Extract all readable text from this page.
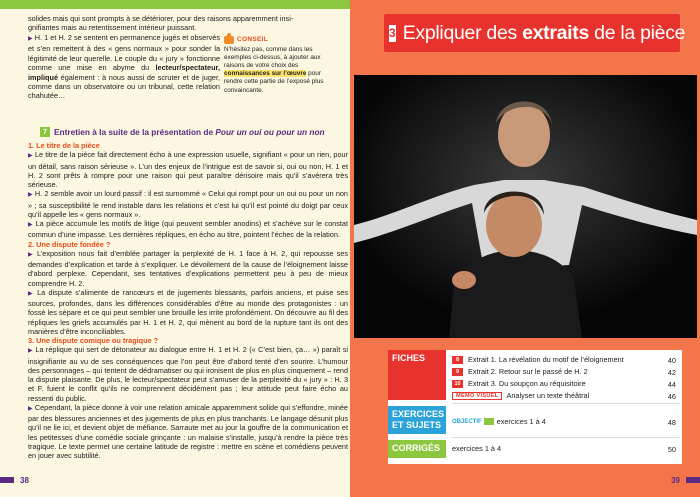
solides mais qui sont prompts à se détériorer, pour des raisons apparemment insi-

gnifiantes mais au retentissement intérieur puissant.

▶ H. 1 et H. 2 se sentent en permanence jugés et observés et s’en remettent à des « gens normaux » pour sonder la légitimité de leur querelle. Le couple du « jury » fonctionne comme une mise en abyme du lecteur/spectateur, impliqué également : à nous aussi de scruter et de juger, comme dans un observatoire ou un tribunal, cette relation chahutée…
CONSEIL
N’hésitez pas, comme dans les exemples ci-dessus, à ajouter aux raisons de votre choix des connaissances sur l’œuvre pour rendre cette partie de l’exposé plus convaincante.
7 Entretien à la suite de la présentation de Pour un oui ou pour un non
1. Le titre de la pièce

▶ Le titre de la pièce fait directement écho à une expression usuelle, signifiant « pour un rien, pour un détail, sans raison sérieuse ». L’un des enjeux de l’intrigue est de savoir si, oui ou non, H. 1 et H. 2 sont prêts à rompre pour une raison qui peut paraître dérisoire mais qu’il s’avérera très sérieuse.

▶ H. 2 semble avoir un lourd passif : il est surnommé « Celui qui rompt pour un oui ou pour un non » ; sa susceptibilité le rend instable dans les relations et c’est lui qu’il est pointé du doigt par ceux qu’il appelle les « gens normaux ».

▶ La pièce accumule les motifs de litige (qui peuvent sembler anodins) et s’achève sur le constat commun d’une impasse. Les dernières répliques, en écho au titre, pointent l’échec de la relation.

2. Une dispute fondée ?

▶ L’exposition nous fait d’emblée partager la perplexité de H. 1 face à H. 2, qui repousse ses demandes d’explication et tarde à s’expliquer. Le dévoilement de la cause de l’éloignement laisse d’abord perplexe. Cependant, ses tentatives d’explications permettent peu à peu de mieux comprendre H. 2.

▶ La dispute s’alimente de rancœurs et de jugements blessants, parfois anciens, et puise ses sources, profondes, dans les différences considérables d’être au monde des protagonistes : un fossé les sépare et ce qui peut sembler une brouille les irrite profondément. On découvre au fil des répliques les griefs accumulés par H. 1 et H. 2, qui mènent au bord de la rupture tant ils ont des manières d’être inconciliables.

3. Une dispute comique ou tragique ?

▶ La réplique qui sert de détonateur au dialogue entre H. 1 et H. 2 (« C’est bien, ça… ») paraît si insignifiante au vu de ses conséquences que l’on peut être d’abord tenté d’en sourire. L’humour des personnages – qui tentent de dédramatiser ou qui ironisent de plus en plus cinquement – rend la dispute plaisante. De plus, le lecteur/spectateur peut s’amuser de la perplexité du « jury » : H. 3 et F. fuient le conflit qu’ils ne comprennent décidément pas ; leur attitude peut faire écho au ressenti du public.

▶ Cependant, la pièce donne à voir une relation amicale apparemment solide qui s’effondre, minée par des blessures anciennes et des jugements de plus en plus tranchants. Le langage désunit plus qu’il ne lie ici, et devient objet de méfiance. Sarraute met au jour la gouffre de la communication et les petitesses d’une comédie sociale grinçante : un malaise s’installe, jusqu’à rendre la pièce très tragique. Le texte permet une certaine latitude de registre : mettre en scène et comédiens peuvent en jouer avec subtilité.

38
3 Expliquer des extraits de la pièce
FICHES	8	Extrait 1. La révélation du motif de l’éloignement	40
9	Extrait 2. Retour sur le passé de H. 2	42
10	Extrait 3. Du soupçon au réquisitoire	44
MÉMO VISUEL	Analyser un texte théâtral	46
EXERCICES
ET SUJETS OBJECTIF exercices 1 à 4	48
CORRIGÉS	exercices 1 à 4	50
39
